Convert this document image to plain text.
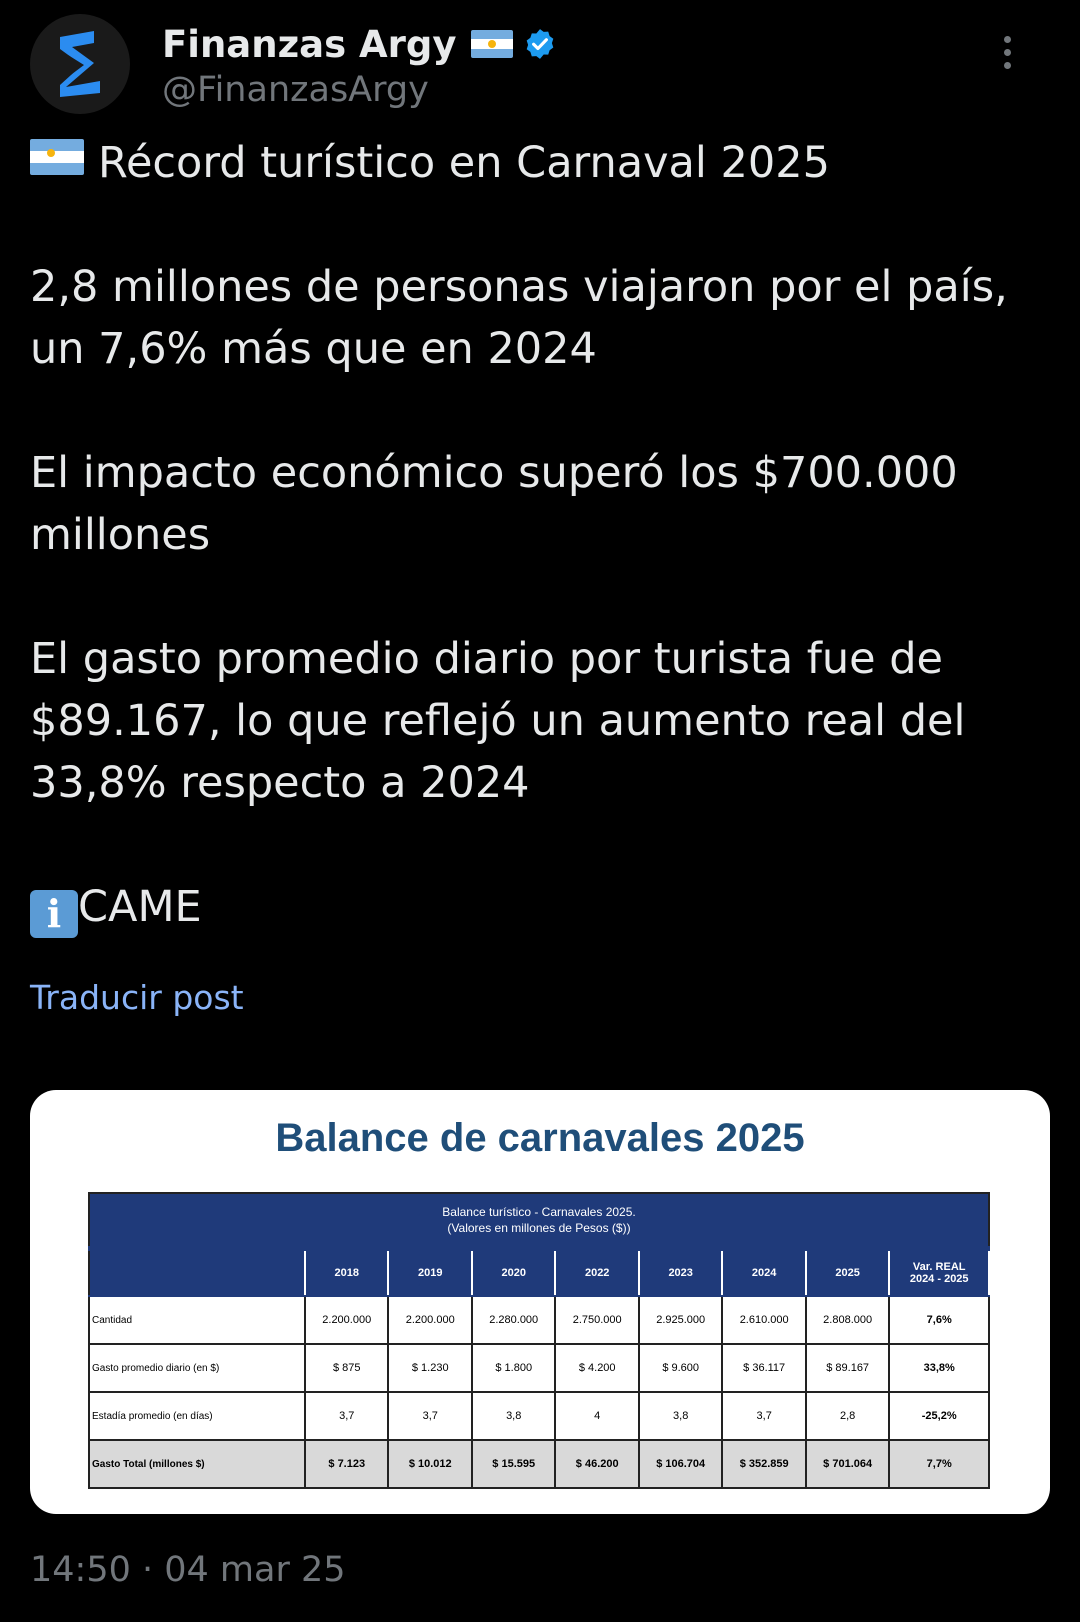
Finanzas Argy
@FinanzasArgy

Récord turístico en Carnaval 2025

2,8 millones de personas viajaron por el país, un 7,6% más que en 2024

El impacto económico superó los $700.000 millones

El gasto promedio diario por turista fue de $89.167, lo que reflejó un aumento real del 33,8% respecto a 2024

i CAME

Traducir post
Balance de carnavales 2025
Balance turístico - Carnavales 2025.
(Valores en millones de Pesos ($))								
	2018	2019	2020	2022	2023	2024	2025	Var. REAL
2024 - 2025
Cantidad	2.200.000	2.200.000	2.280.000	2.750.000	2.925.000	2.610.000	2.808.000	7,6%
Gasto promedio diario (en $)	$ 875	$ 1.230	$ 1.800	$ 4.200	$ 9.600	$ 36.117	$ 89.167	33,8%
Estadía promedio (en días)	3,7	3,7	3,8	4	3,8	3,7	2,8	-25,2%
Gasto Total (millones $)	$ 7.123	$ 10.012	$ 15.595	$ 46.200	$ 106.704	$ 352.859	$ 701.064	7,7%
14:50 · 04 mar 25
